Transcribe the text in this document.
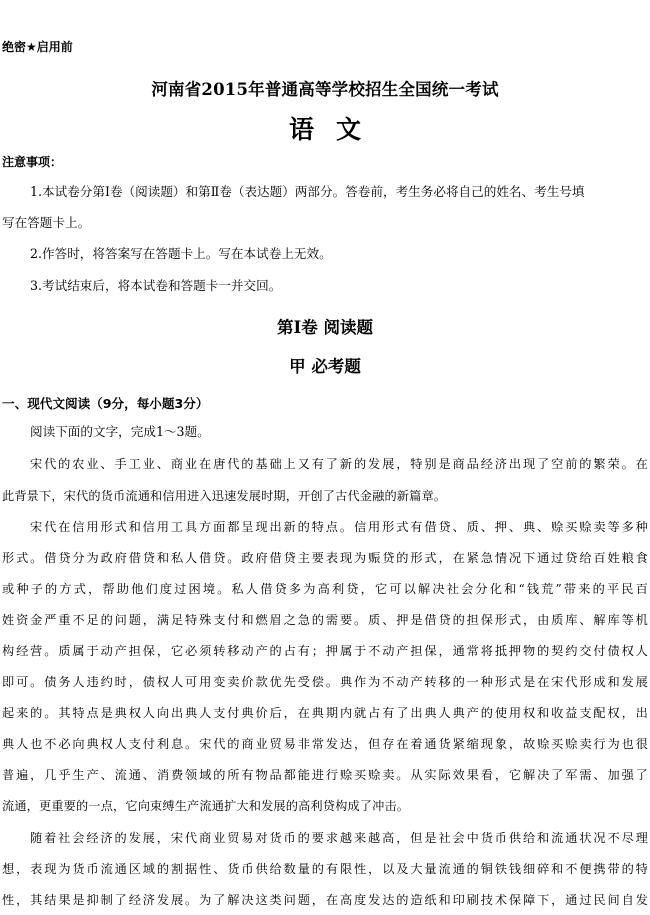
绝密★启用前
河南省2015年普通高等学校招生全国统一考试
语文
注意事项：
1.本试卷分第Ⅰ卷（阅读题）和第Ⅱ卷（表达题）两部分。答卷前，考生务必将自己的姓名、考生号填
写在答题卡上。
2.作答时，将答案写在答题卡上。写在本试卷上无效。
3.考试结束后，将本试卷和答题卡一并交回。
第Ⅰ卷 阅读题
甲 必考题
一、现代文阅读（9分，每小题3分）
阅读下面的文字，完成1～3题。
宋代的农业、手工业、商业在唐代的基础上又有了新的发展，特别是商品经济出现了空前的繁荣。在
此背景下，宋代的货币流通和信用进入迅速发展时期，开创了古代金融的新篇章。
宋代在信用形式和信用工具方面都呈现出新的特点。信用形式有借贷、质、押、典、赊买赊卖等多种
形式。借贷分为政府借贷和私人借贷。政府借贷主要表现为赈贷的形式，在紧急情况下通过贷给百姓粮食
或种子的方式，帮助他们度过困境。私人借贷多为高利贷，它可以解决社会分化和“钱荒”带来的平民百
姓资金严重不足的问题，满足特殊支付和燃眉之急的需要。质、押是借贷的担保形式，由质库、解库等机
构经营。质属于动产担保，它必须转移动产的占有；押属于不动产担保，通常将抵押物的契约交付债权人
即可。债务人违约时，债权人可用变卖价款优先受偿。典作为不动产转移的一种形式是在宋代形成和发展
起来的。其特点是典权人向出典人支付典价后，在典期内就占有了出典人典产的使用权和收益支配权，出
典人也不必向典权人支付利息。宋代的商业贸易非常发达，但存在着通货紧缩现象，故赊买赊卖行为也很
普遍，几乎生产、流通、消费领域的所有物品都能进行赊买赊卖。从实际效果看，它解决了军需、加强了
流通，更重要的一点，它向束缚生产流通扩大和发展的高利贷构成了冲击。
随着社会经济的发展，宋代商业贸易对货币的要求越来越高，但是社会中货币供给和流通状况不尽理
想，表现为货币流通区域的割据性、货币供给数量的有限性，以及大量流通的铜铁钱细碎和不便携带的特
性，其结果是抑制了经济发展。为了解决这类问题，在高度发达的造纸和印刷技术保障下，通过民间自发
